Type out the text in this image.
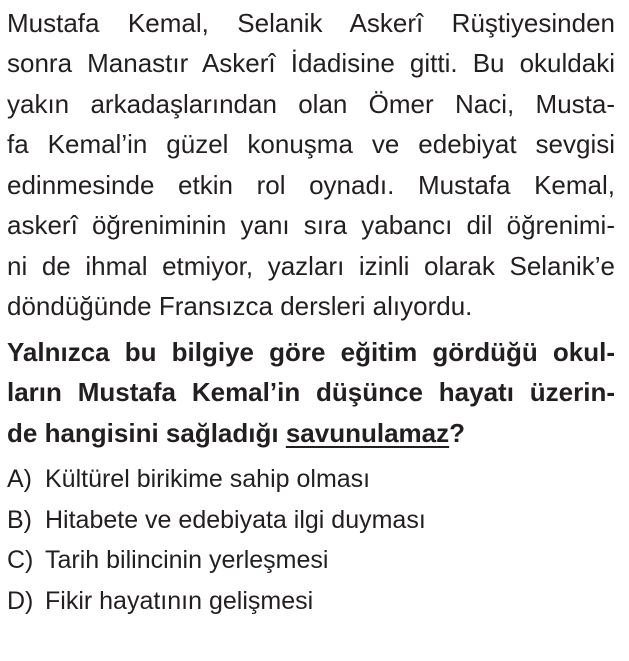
Mustafa Kemal, Selanik Askerî Rüştiyesinden
sonra Manastır Askerî İdadisine gitti. Bu okuldaki
yakın arkadaşlarından olan Ömer Naci, Musta-
fa Kemal’in güzel konuşma ve edebiyat sevgisi
edinmesinde etkin rol oynadı. Mustafa Kemal,
askerî öğreniminin yanı sıra yabancı dil öğrenimi-
ni de ihmal etmiyor, yazları izinli olarak Selanik’e
döndüğünde Fransızca dersleri alıyordu.
Yalnızca bu bilgiye göre eğitim gördüğü okul-
ların Mustafa Kemal’in düşünce hayatı üzerin-
de hangisini sağladığı savunulamaz?
A) Kültürel birikime sahip olması
B) Hitabete ve edebiyata ilgi duyması
C) Tarih bilincinin yerleşmesi
D) Fikir hayatının gelişmesi
